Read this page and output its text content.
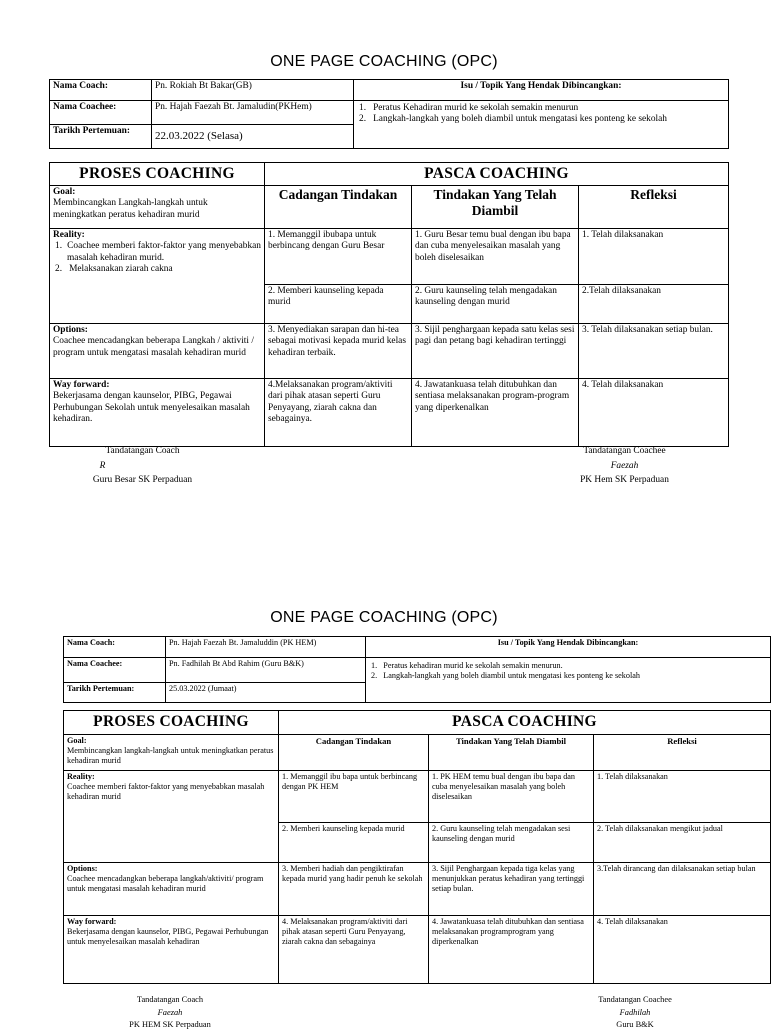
ONE PAGE COACHING (OPC)
Nama Coach:	Pn. Rokiah Bt Bakar(GB)	Isu / Topik Yang Hendak Dibincangkan:
Nama Coachee:	Pn. Hajah Faezah Bt. Jamaludin(PKHem)	1.   Peratus Kehadiran murid ke sekolah semakin menurun
2.   Langkah-langkah yang boleh diambil untuk mengatasi kes ponteng ke sekolah

Tarikh Pertemuan:	22.03.2022 (Selasa)	
PROSES COACHING	PASCA COACHING		
Goal:
Membincangkan Langkah-langkah untuk meningkatkan peratus kehadiran murid	Cadangan Tindakan	Tindakan Yang Telah Diambil	Refleksi
Reality:
1.  Coachee memberi faktor-faktor yang menyebabkan masalah kehadiran murid.
2.   Melaksanakan ziarah cakna	1. Memanggil ibubapa untuk berbincang dengan Guru Besar	1. Guru Besar temu bual dengan ibu bapa dan cuba menyelesaikan masalah yang boleh diselesaikan	1. Telah dilaksanakan
	2. Memberi kaunseling kepada murid	2. Guru kaunseling telah mengadakan kaunseling dengan murid	2.Telah dilaksanakan
Options:
Coachee mencadangkan beberapa Langkah / aktiviti / program untuk mengatasi masalah kehadiran murid	3. Menyediakan sarapan dan hi-tea sebagai motivasi kepada murid kelas kehadiran terbaik.	3. Sijil penghargaan kepada satu kelas sesi pagi dan petang bagi kehadiran tertinggi	3. Telah dilaksanakan setiap bulan.
Way forward:
Bekerjasama dengan kaunselor, PIBG, Pegawai Perhubungan Sekolah untuk menyelesaikan masalah kehadiran.	4.Melaksanakan program/aktiviti dari pihak atasan seperti Guru Penyayang, ziarah cakna dan sebagainya.	4. Jawatankuasa telah ditubuhkan dan sentiasa melaksanakan program-program yang diperkenalkan	4. Telah dilaksanakan
Tandatangan Coach
R
Guru Besar SK Perpaduan
Tandatangan Coachee
Faezah
PK Hem SK Perpaduan
ONE PAGE COACHING (OPC)
Nama Coach:	Pn. Hajah Faezah Bt. Jamaluddin (PK HEM)	Isu / Topik Yang Hendak Dibincangkan:
Nama Coachee:	Pn. Fadhilah Bt Abd Rahim (Guru B&K)	1.   Peratus kehadiran murid ke sekolah semakin menurun.
2.   Langkah-langkah yang boleh diambil untuk mengatasi kes ponteng ke sekolah

Tarikh Pertemuan:	25.03.2022 (Jumaat)	
PROSES COACHING	PASCA COACHING		
Goal:
Membincangkan langkah-langkah untuk meningkatkan peratus kehadiran murid	Cadangan Tindakan	Tindakan Yang Telah Diambil	Refleksi
Reality:
Coachee memberi faktor-faktor yang menyebabkan masalah kehadiran murid	1. Memanggil ibu bapa untuk berbincang dengan PK HEM	1. PK HEM temu bual dengan ibu bapa dan cuba menyelesaikan masalah yang boleh diselesaikan	1. Telah dilaksanakan
	2. Memberi kaunseling kepada murid	2. Guru kaunseling telah mengadakan sesi kaunseling dengan murid	2. Telah dilaksanakan mengikut jadual
Options:
Coachee mencadangkan beberapa langkah/aktiviti/ program untuk mengatasi masalah kehadiran murid	3. Memberi hadiah dan pengiktirafan kepada murid yang hadir penuh ke sekolah	3. Sijil Penghargaan kepada tiga kelas yang menunjukkan peratus kehadiran yang tertinggi setiap bulan.	3.Telah dirancang dan dilaksanakan setiap bulan
Way forward:
Bekerjasama dengan kaunselor, PIBG, Pegawai Perhubungan untuk menyelesaikan masalah kehadiran	4. Melaksanakan program/aktiviti dari pihak atasan seperti Guru Penyayang, ziarah cakna dan sebagainya	4. Jawatankuasa telah ditubuhkan dan sentiasa melaksanakan programprogram yang diperkenalkan	4. Telah dilaksanakan
Tandatangan Coach
Faezah
PK HEM SK Perpaduan
Tandatangan Coachee
Fadhilah
Guru B&K
